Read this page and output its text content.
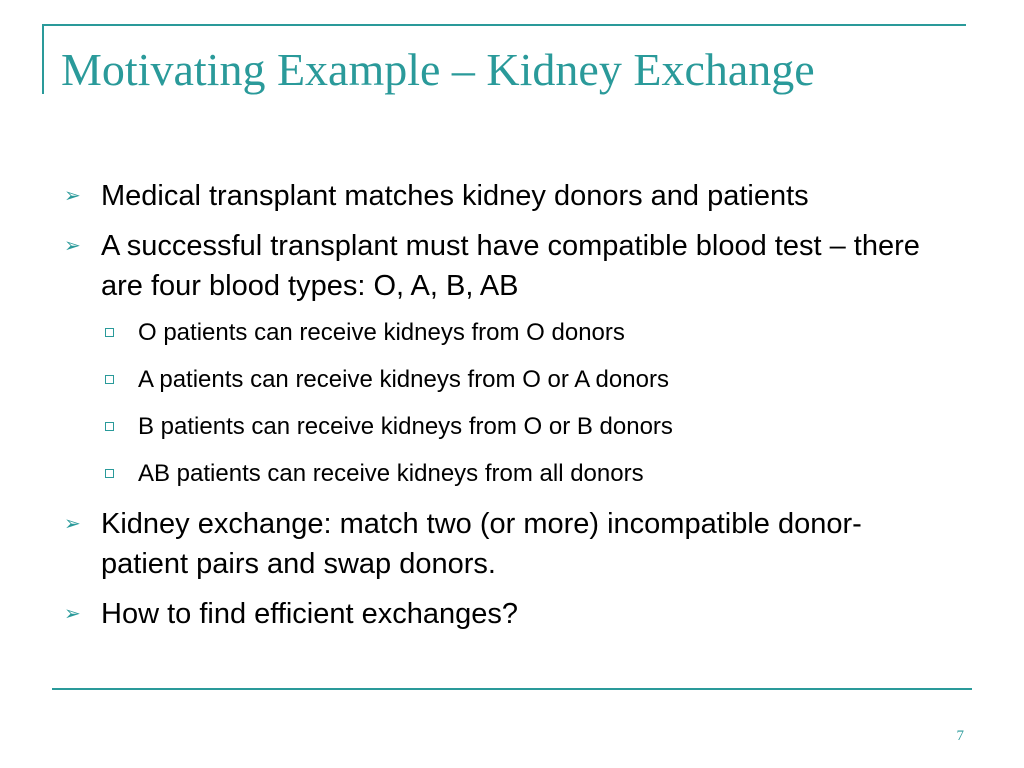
Motivating Example – Kidney Exchange
➢ Medical transplant matches kidney donors and patients
➢ A successful transplant must have compatible blood test – there are four blood types: O, A, B, AB
O patients can receive kidneys from O donors
A patients can receive kidneys from O or A donors
B patients can receive kidneys from O or B donors
AB patients can receive kidneys from all donors
➢ Kidney exchange: match two (or more) incompatible donor-patient pairs and swap donors.
➢ How to find efficient exchanges?
7
